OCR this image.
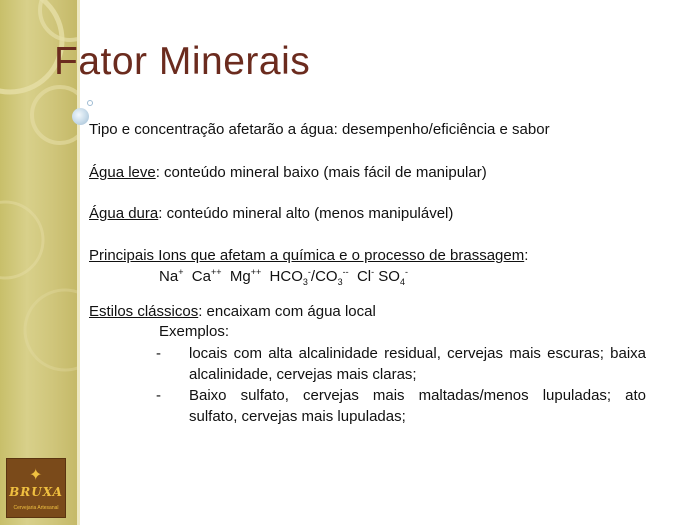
✦
BRUXA
Cervejaria Artesanal
Fator Minerais
Tipo e concentração afetarão a água: desempenho/eficiência e sabor
Água leve: conteúdo mineral baixo (mais fácil de manipular)
Água dura: conteúdo mineral alto (menos manipulável)
Principais Ions que afetam a química e o processo de brassagem:
Na+ Ca++ Mg++ $HCO_3^-/CO_3^{--}$ Cl- $SO_4^-$
Estilos clássicos: encaixam com água local
Exemplos:
- locais com alta alcalinidade residual, cervejas mais escuras; baixa
alcalinidade, cervejas mais claras;
- Baixo sulfato, cervejas mais maltadas/menos lupuladas; ato
sulfato, cervejas mais lupuladas;
